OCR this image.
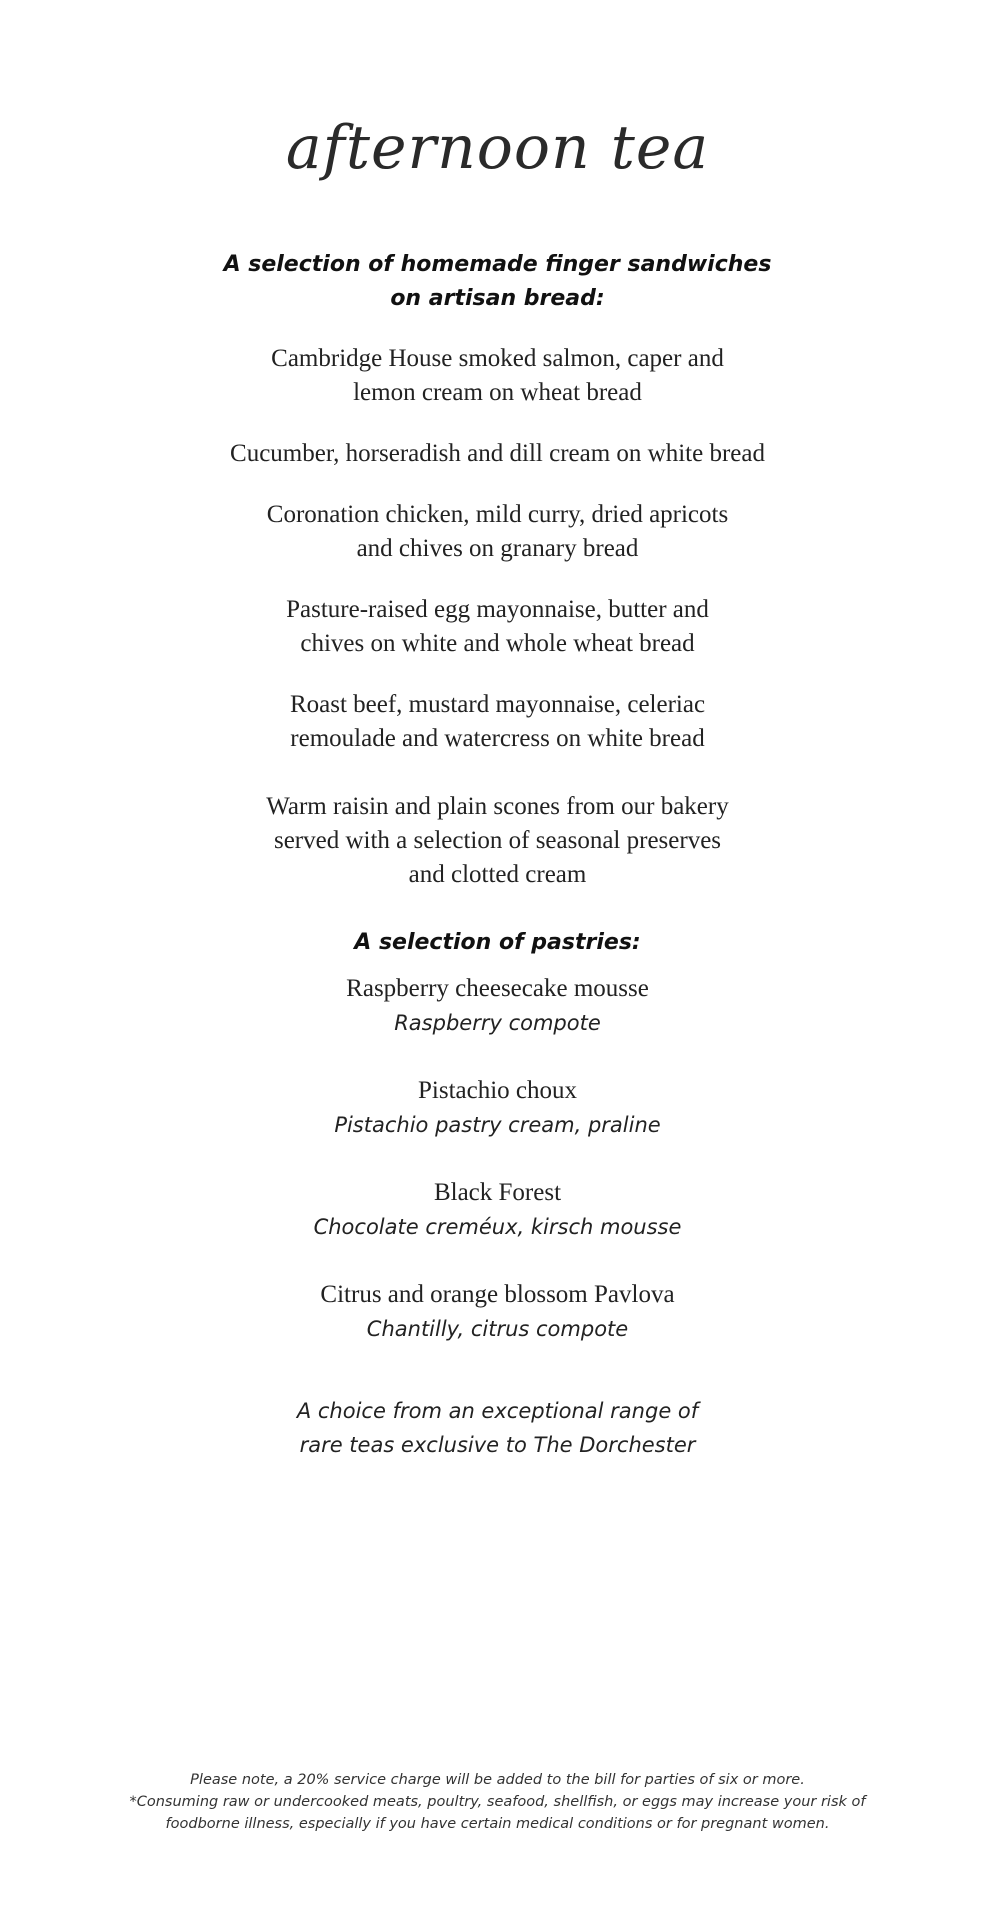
afternoon tea
A selection of homemade finger sandwiches
on artisan bread:
Cambridge House smoked salmon, caper and
lemon cream on wheat bread
Cucumber, horseradish and dill cream on white bread
Coronation chicken, mild curry, dried apricots
and chives on granary bread
Pasture-raised egg mayonnaise, butter and
chives on white and whole wheat bread
Roast beef, mustard mayonnaise, celeriac
remoulade and watercress on white bread
Warm raisin and plain scones from our bakery
served with a selection of seasonal preserves
and clotted cream
A selection of pastries:
Raspberry cheesecake mousse
Raspberry compote
Pistachio choux
Pistachio pastry cream, praline
Black Forest
Chocolate creméux, kirsch mousse
Citrus and orange blossom Pavlova
Chantilly, citrus compote
A choice from an exceptional range of
rare teas exclusive to The Dorchester

Please note, a 20% service charge will be added to the bill for parties of six or more.

*Consuming raw or undercooked meats, poultry, seafood, shellfish, or eggs may increase your risk of

foodborne illness, especially if you have certain medical conditions or for pregnant women.
